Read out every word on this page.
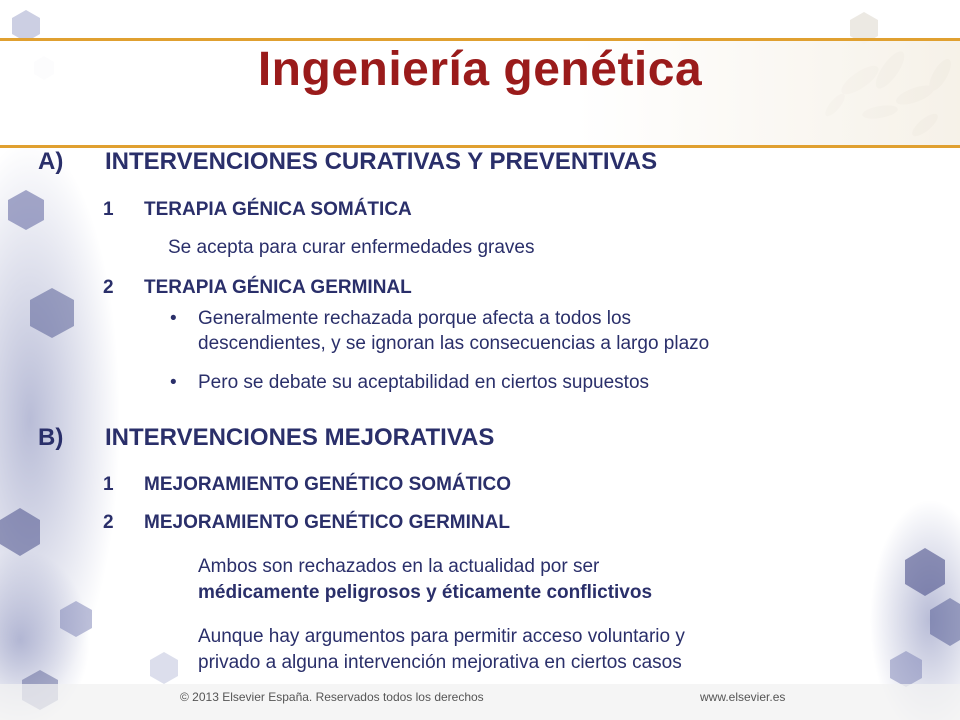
Ingeniería genética
A) INTERVENCIONES CURATIVAS Y PREVENTIVAS
1 TERAPIA GÉNICA SOMÁTICA
Se acepta para curar enfermedades graves
2 TERAPIA GÉNICA GERMINAL
• Generalmente rechazada porque afecta a todos los
descendientes, y se ignoran las consecuencias a largo plazo
• Pero se debate su aceptabilidad en ciertos supuestos
B) INTERVENCIONES MEJORATIVAS
1 MEJORAMIENTO GENÉTICO SOMÁTICO
2 MEJORAMIENTO GENÉTICO GERMINAL
Ambos son rechazados en la actualidad por ser
médicamente peligrosos y éticamente conflictivos
Aunque hay argumentos para permitir acceso voluntario y
privado a alguna intervención mejorativa en ciertos casos
© 2013 Elsevier España. Reservados todos los derechos	www.elsevier.es
